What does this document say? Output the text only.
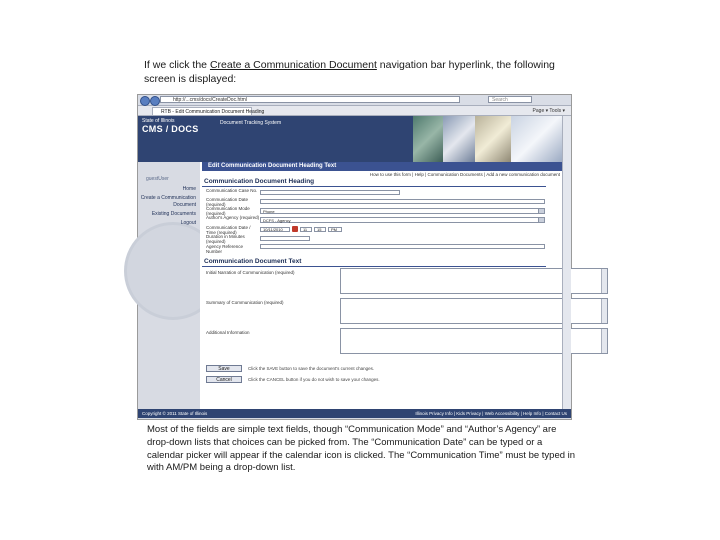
If we click the Create a Communication Document navigation bar hyperlink, the following screen is displayed:
http://...cms/docs/CreateDoc.html	Search
RTB - Edit Communication Document Heading	Page ▾ Tools ▾
State of Illinois
CMS / DOCS
Document Tracking System
guestUser
Home
Create a Communication Document
Existing Documents
Logout
Edit Communication Document Heading Text
How to use this form | Help | Communication Documents | Add a new communication document
Communication Document Heading
Communication Case No.
Communication Date (required)
Communication Mode (required)	Phone
Author's Agency (required)
DCFS - Agency
Communication Date / Time (required)
10/11/2010	11	15	PM
Duration in Minutes (required)
Agency Reference Number
Communication Document Text
Initial Narration of Communication (required)
Summary of Communication (required)
Additional Information
Save	Click the SAVE button to save the document's current changes.
Cancel	Click the CANCEL button if you do not wish to save your changes.
Copyright © 2011 State of Illinois	Illinois Privacy Info | Kids Privacy | Web Accessibility | Help Info | Contact Us
Most of the fields are simple text fields, though “Communication Mode” and “Author’s Agency” are drop-down lists that choices can be picked from. The “Communication Date” can be typed or a calendar picker will appear if the calendar icon is clicked. The “Communication Time” must be typed in with AM/PM being a drop-down list.
